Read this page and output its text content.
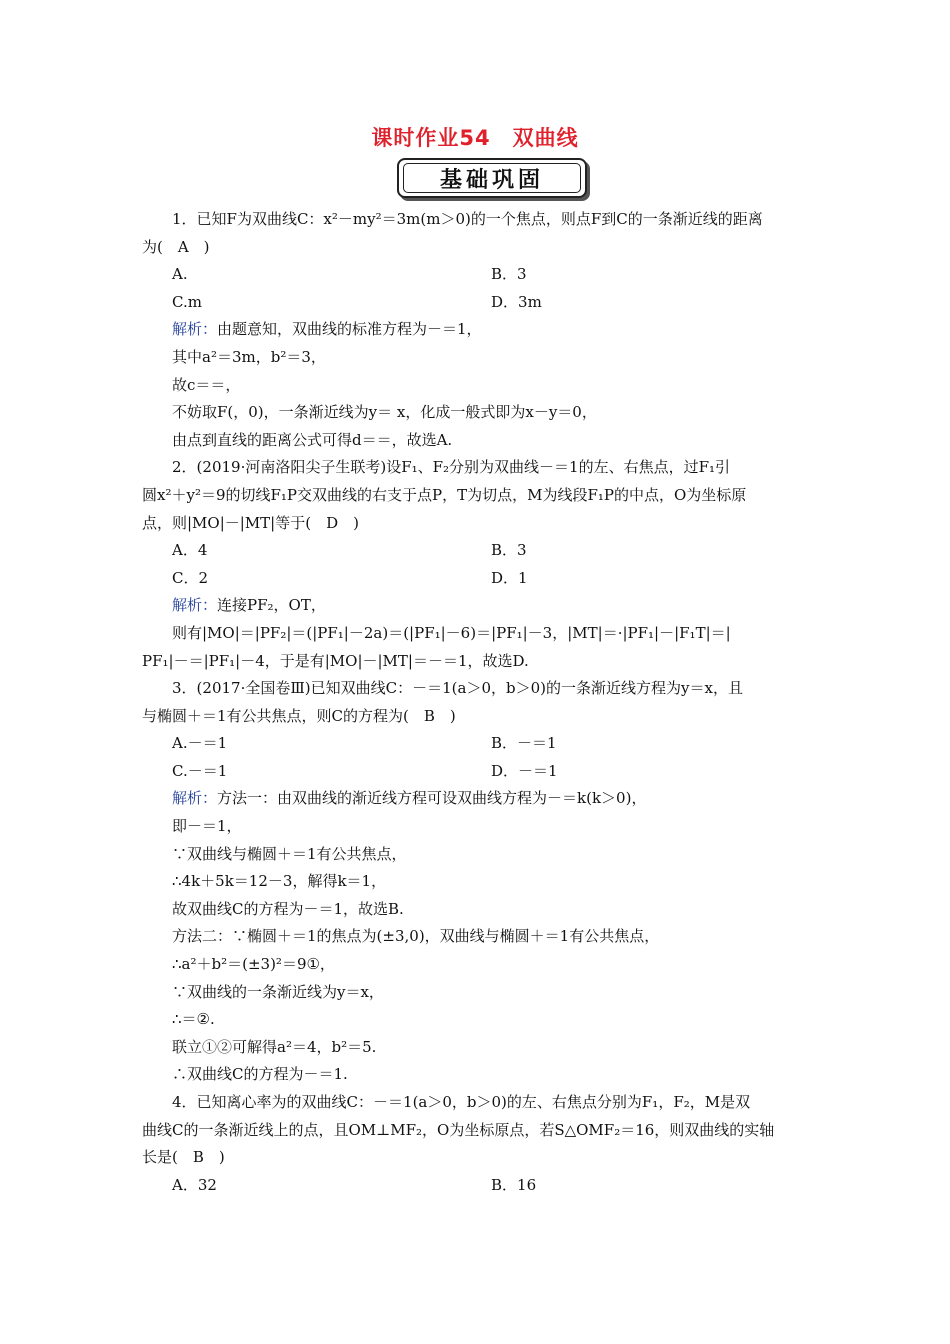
课时作业54　双曲线
基础巩固

1．已知F为双曲线C：x²－my²＝3m(m＞0)的一个焦点，则点F到C的一条渐近线的距离

为(　A　)

A.	B．3
C.m	D．3m

解析：由题意知，双曲线的标准方程为－＝1，

其中a²＝3m，b²＝3，

故c＝＝，

不妨取F(，0)，一条渐近线为y＝ x，化成一般式即为x－y＝0，

由点到直线的距离公式可得d＝＝，故选A.

2．(2019·河南洛阳尖子生联考)设F₁、F₂分别为双曲线－＝1的左、右焦点，过F₁引

圆x²＋y²＝9的切线F₁P交双曲线的右支于点P，T为切点，M为线段F₁P的中点，O为坐标原

点，则|MO|－|MT|等于(　D　)

A．4	B．3
C．2	D．1

解析：连接PF₂，OT，

则有|MO|＝|PF₂|＝(|PF₁|－2a)＝(|PF₁|－6)＝|PF₁|－3，|MT|＝·|PF₁|－|F₁T|＝|

PF₁|－＝|PF₁|－4，于是有|MO|－|MT|＝－＝1，故选D.

3．(2017·全国卷Ⅲ)已知双曲线C：－＝1(a＞0，b＞0)的一条渐近线方程为y＝x，且

与椭圆＋＝1有公共焦点，则C的方程为(　B　)

A.－＝1	B．－＝1
C.－＝1	D．－＝1

解析：方法一：由双曲线的渐近线方程可设双曲线方程为－＝k(k＞0)，

即－＝1，

∵双曲线与椭圆＋＝1有公共焦点，

∴4k＋5k＝12－3，解得k＝1，

故双曲线C的方程为－＝1，故选B.

方法二：∵椭圆＋＝1的焦点为(±3,0)，双曲线与椭圆＋＝1有公共焦点，

∴a²＋b²＝(±3)²＝9①，

∵双曲线的一条渐近线为y＝x，

∴＝②.

联立①②可解得a²＝4，b²＝5.

∴双曲线C的方程为－＝1.

4．已知离心率为的双曲线C：－＝1(a＞0，b＞0)的左、右焦点分别为F₁，F₂，M是双

曲线C的一条渐近线上的点，且OM⊥MF₂，O为坐标原点，若S△OMF₂＝16，则双曲线的实轴

长是(　B　)

A．32	B．16
